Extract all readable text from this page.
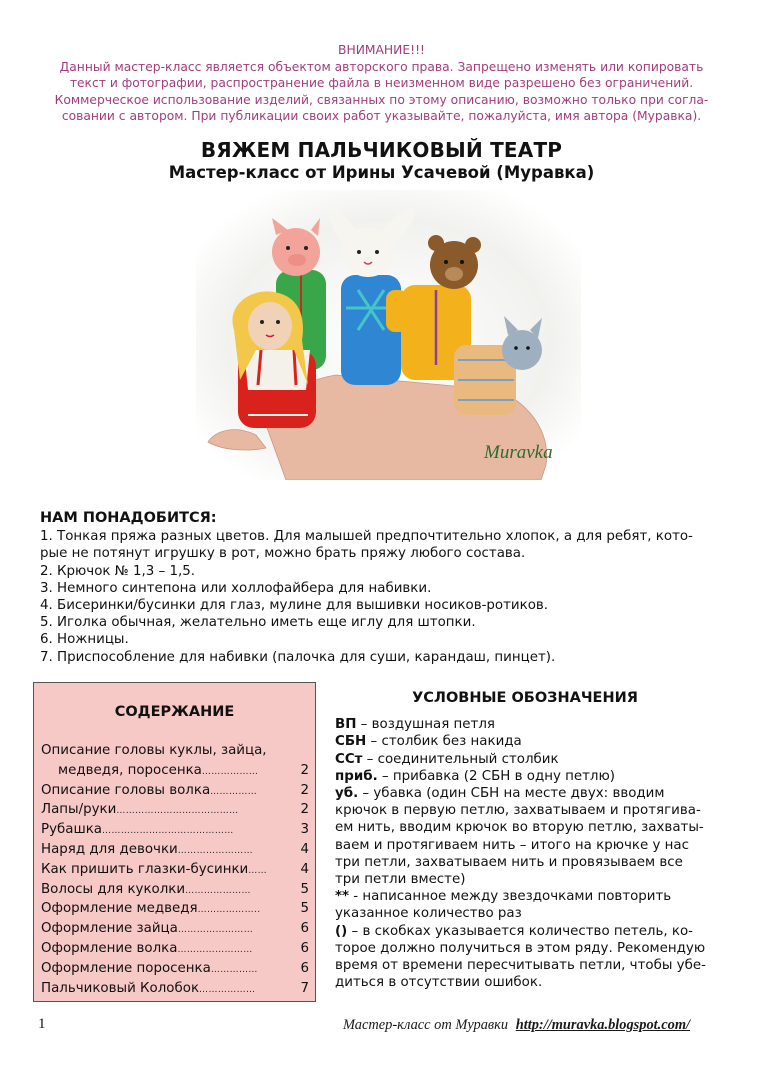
ВНИМАНИЕ!!!
Данный мастер-класс является объектом авторского права. Запрещено изменять или копировать
текст и фотографии, распространение файла в неизменном виде разрешено без ограничений.
Коммерческое использование изделий, связанных по этому описанию, возможно только при согла-
совании с автором. При публикации своих работ указывайте, пожалуйста, имя автора (Муравка).
ВЯЖЕМ ПАЛЬЧИКОВЫЙ ТЕАТР
Мастер-класс от Ирины Усачевой (Муравка)
Muravka
НАМ ПОНАДОБИТСЯ:
1. Тонкая пряжа разных цветов. Для малышей предпочтительно хлопок, а для ребят, кото-
рые не потянут игрушку в рот, можно брать пряжу любого состава.
2. Крючок № 1,3 – 1,5.
3. Немного синтепона или холлофайбера для набивки.
4. Бисеринки/бусинки для глаз, мулине для вышивки носиков-ротиков.
5. Иголка обычная, желательно иметь еще иглу для штопки.
6. Ножницы.
7. Приспособление для набивки (палочка для суши, карандаш, пинцет).
СОДЕРЖАНИЕ
Описание головы куклы, зайца,
медведя, поросенка………………	2
Описание головы волка……………	2
Лапы/руки…………………………………	2
Рубашка……………………………………	3
Наряд для девочки……………………	4
Как пришить глазки-бусинки…… 4
Волосы для куколки…………………	5
Оформление медведя………………..	5
Оформление зайца……………………	6
Оформление волка……………………	6
Оформление поросенка……………	6
Пальчиковый Колобок………………	7
УСЛОВНЫЕ ОБОЗНАЧЕНИЯ
ВП – воздушная петля
СБН – столбик без накида
ССт – соединительный столбик
приб. – прибавка (2 СБН в одну петлю)
уб. – убавка (один СБН на месте двух: вводим
крючок в первую петлю, захватываем и протягива-
ем нить, вводим крючок во вторую петлю, захваты-
ваем и протягиваем нить – итого на крючке у нас
три петли, захватываем нить и провязываем все
три петли вместе)
** - написанное между звездочками повторить
указанное количество раз
() – в скобках указывается количество петель, ко-
торое должно получиться в этом ряду. Рекомендую
время от времени пересчитывать петли, чтобы убе-
диться в отсутствии ошибок.
1	Мастер-класс от Муравки http://muravka.blogspot.com/
